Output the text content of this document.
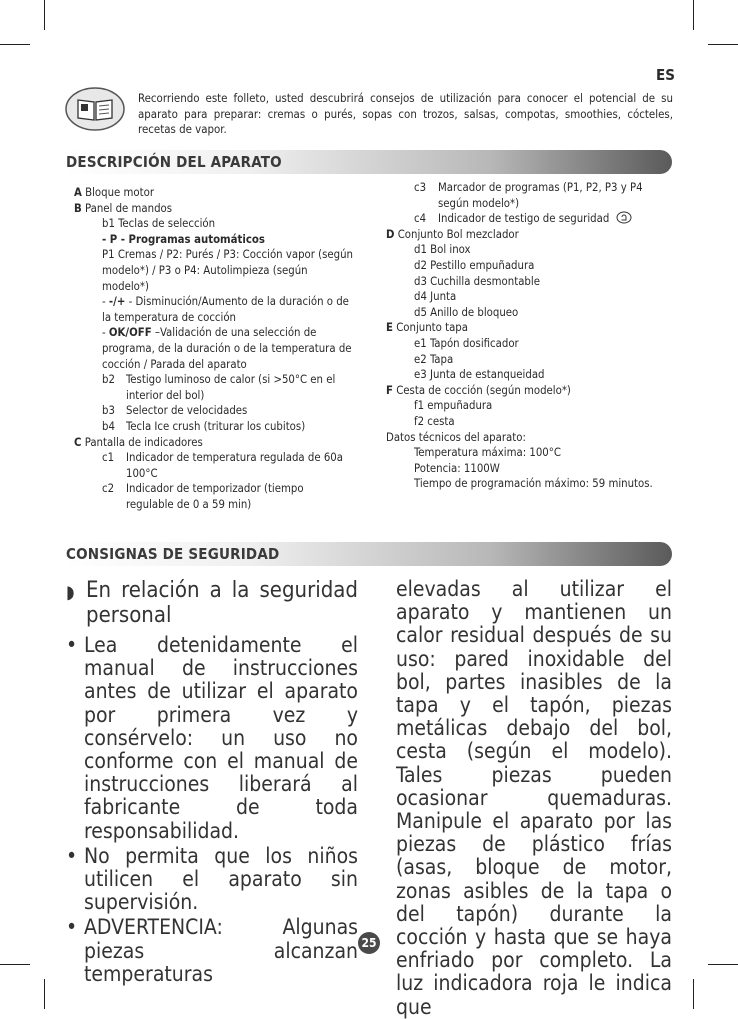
ES
Recorriendo este folleto, usted descubrirá consejos de utilización para conocer el potencial de su aparato para preparar: cremas o purés, sopas con trozos, salsas, compotas, smoothies, cócteles, recetas de vapor.
DESCRIPCIÓN DEL APARATO
A Bloque motor
B Panel de mandos
b1 Teclas de selección
- P - Programas automáticos
P1 Cremas / P2: Purés / P3: Cocción vapor (según modelo*) / P3 o P4: Autolimpieza (según modelo*)
- -/+ - Disminución/Aumento de la duración o de la temperatura de cocción
- OK/OFF –Validación de una selección de programa, de la duración o de la temperatura de cocción / Parada del aparato
b2 Testigo luminoso de calor (si >50°C en el interior del bol)
b3 Selector de velocidades
b4 Tecla Ice crush (triturar los cubitos)
C Pantalla de indicadores
c1 Indicador de temperatura regulada de 60a 100°C
c2 Indicador de temporizador (tiempo regulable de 0 a 59 min)
c3 Marcador de programas (P1, P2, P3 y P4 según modelo*)
c4 Indicador de testigo de seguridad
D Conjunto Bol mezclador
d1 Bol inox
d2 Pestillo empuñadura
d3 Cuchilla desmontable
d4 Junta
d5 Anillo de bloqueo
E Conjunto tapa
e1 Tapón dosificador
e2 Tapa
e3 Junta de estanqueidad
F Cesta de cocción (según modelo*)
f1 empuñadura
f2 cesta
Datos técnicos del aparato:
Temperatura máxima: 100°C
Potencia: 1100W
Tiempo de programación máximo: 59 minutos.
CONSIGNAS DE SEGURIDAD
◗ En relación a la seguridad personal
• Lea detenidamente el manual de instrucciones antes de utilizar el aparato por primera vez y consérvelo: un uso no conforme con el manual de instrucciones liberará al fabricante de toda responsabilidad.
• No permita que los niños utilicen el aparato sin supervisión.
• ADVERTENCIA: Algunas piezas alcanzan temperaturas
elevadas al utilizar el aparato y mantienen un calor residual después de su uso: pared inoxidable del bol, partes inasibles de la tapa y el tapón, piezas metálicas debajo del bol, cesta (según el modelo). Tales piezas pueden ocasionar quemaduras. Manipule el aparato por las piezas de plástico frías (asas, bloque de motor, zonas asibles de la tapa o del tapón) durante la cocción y hasta que se haya enfriado por completo. La luz indicadora roja le indica que
25
